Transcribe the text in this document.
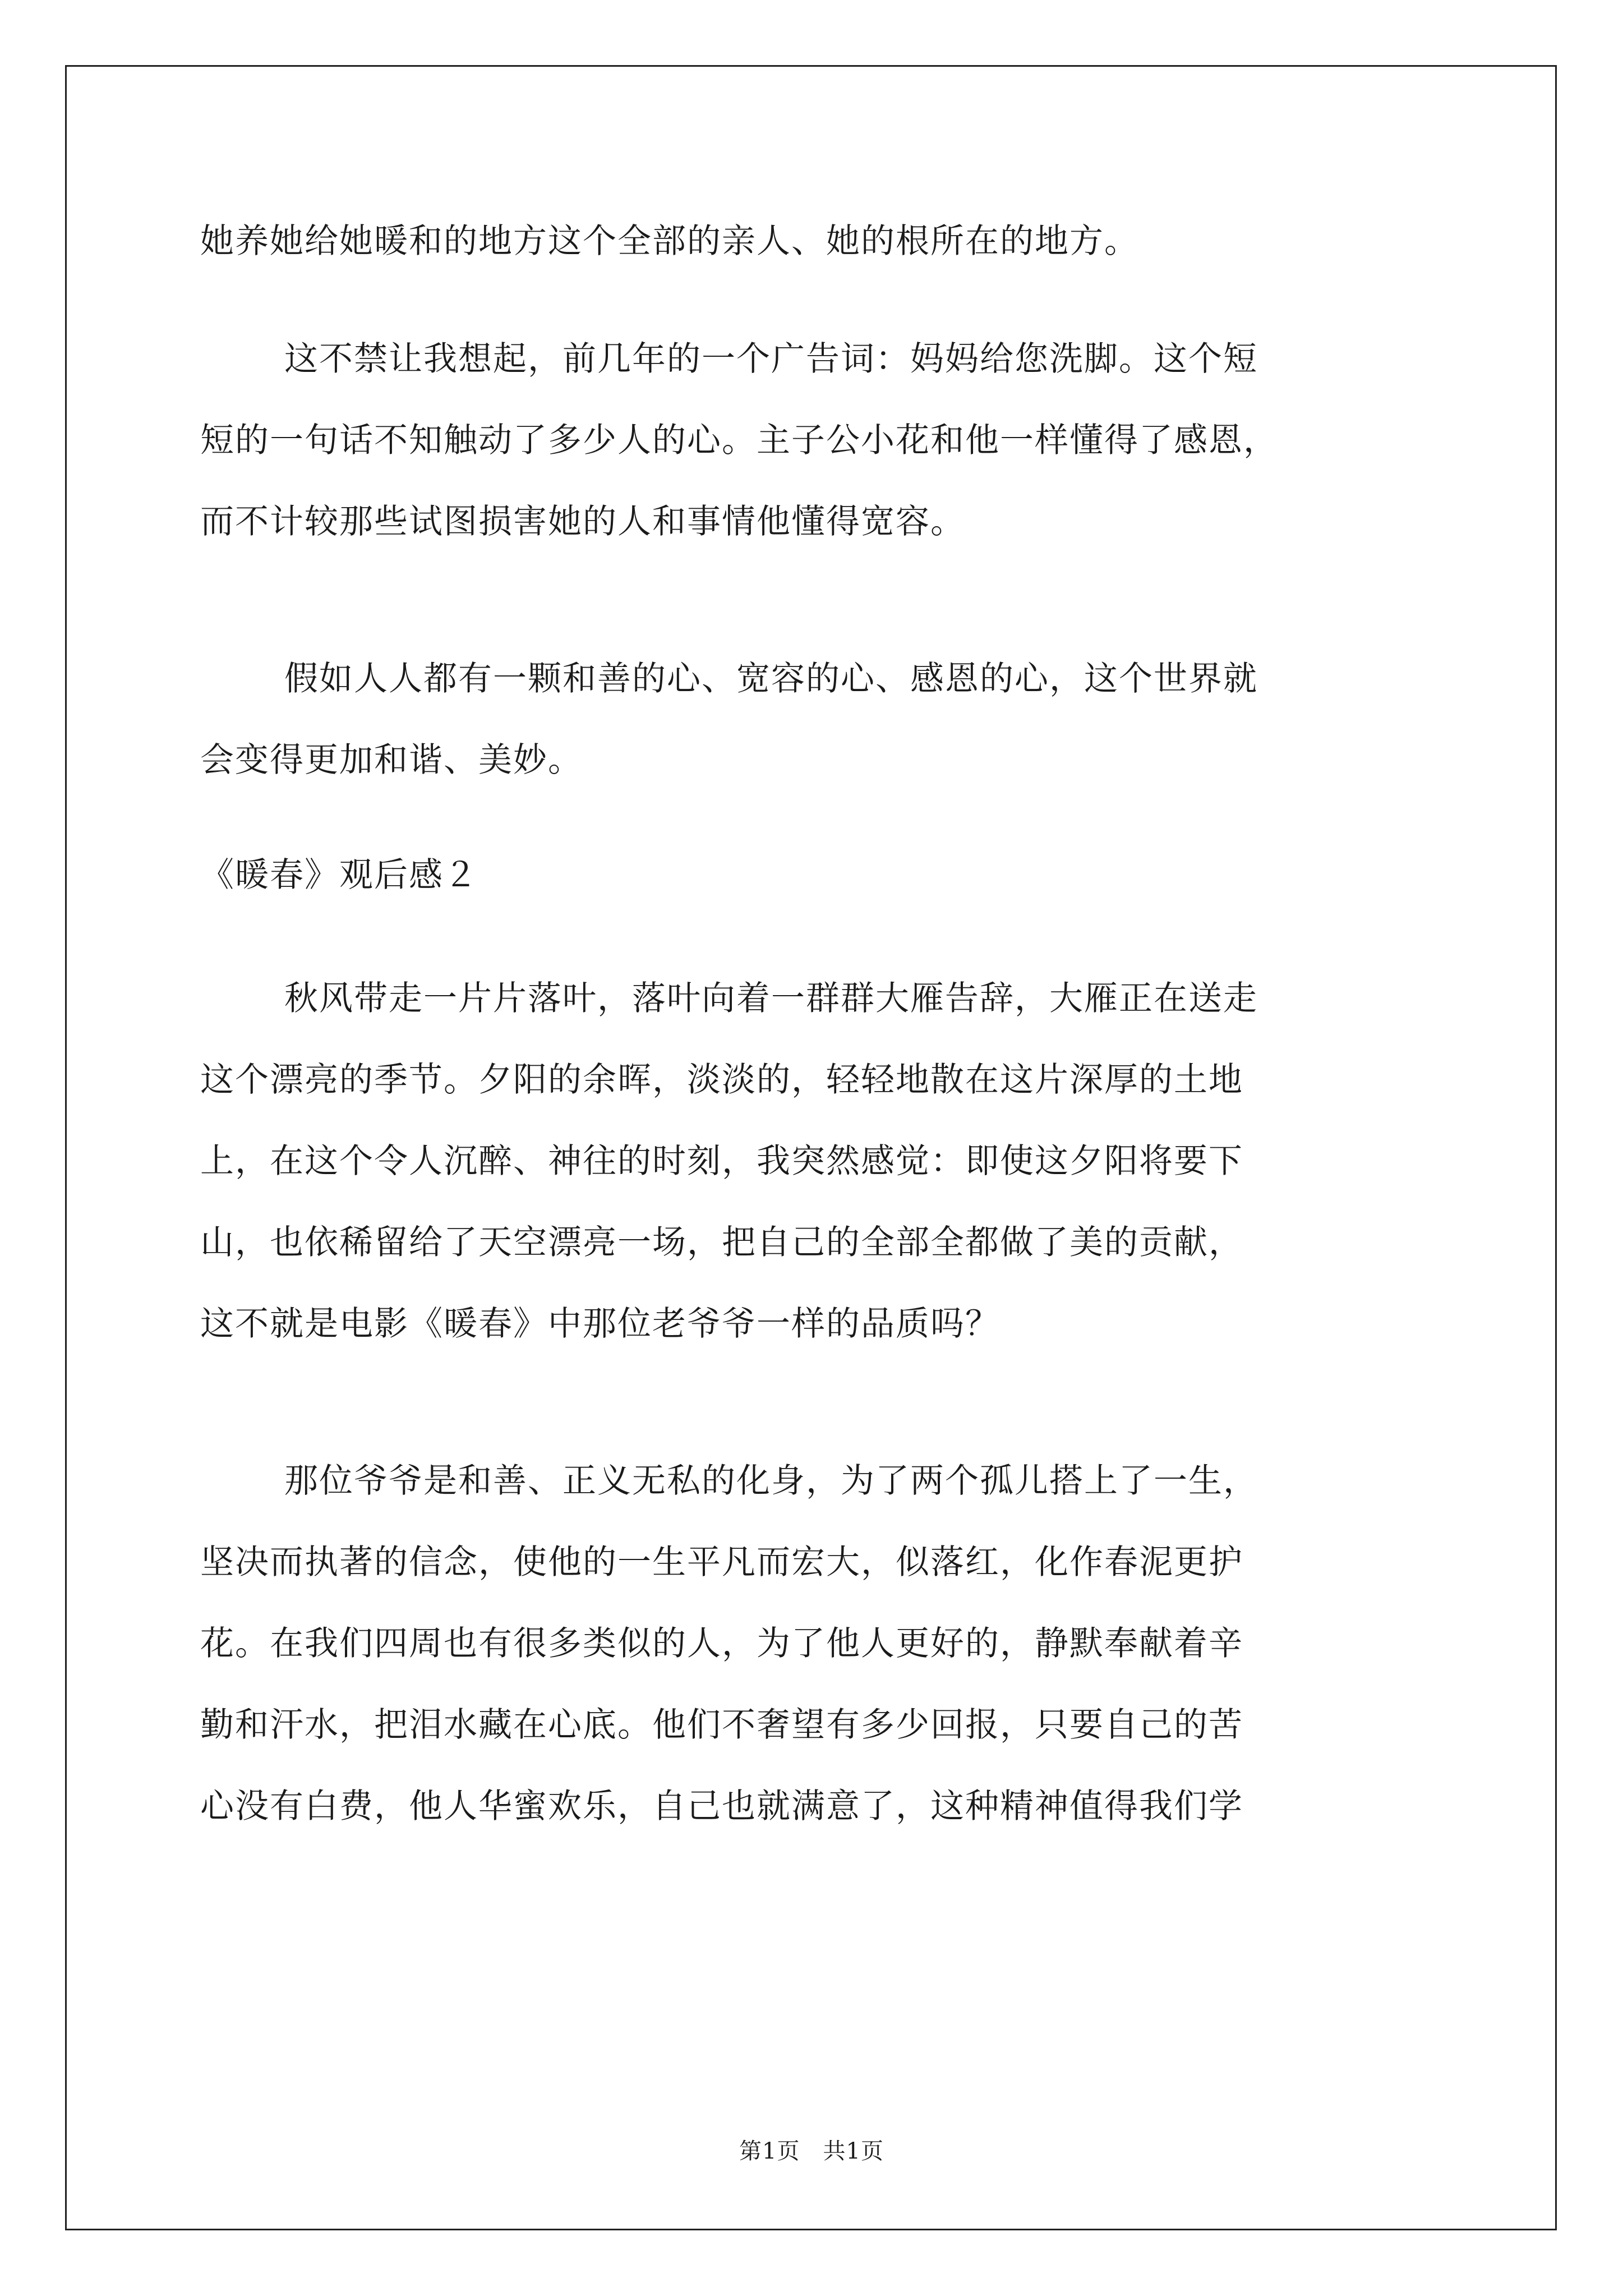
她养她给她暖和的地方这个全部的亲人、她的根所在的地方。
这不禁让我想起，前几年的一个广告词：妈妈给您洗脚。这个短
短的一句话不知触动了多少人的心。主子公小花和他一样懂得了感恩，
而不计较那些试图损害她的人和事情他懂得宽容。
假如人人都有一颗和善的心、宽容的心、感恩的心，这个世界就
会变得更加和谐、美妙。
《暖春》观后感２
秋风带走一片片落叶，落叶向着一群群大雁告辞，大雁正在送走
这个漂亮的季节。夕阳的余晖，淡淡的，轻轻地散在这片深厚的土地
上，在这个令人沉醉、神往的时刻，我突然感觉：即使这夕阳将要下
山，也依稀留给了天空漂亮一场，把自己的全部全都做了美的贡献，
这不就是电影《暖春》中那位老爷爷一样的品质吗？
那位爷爷是和善、正义无私的化身，为了两个孤儿搭上了一生，
坚决而执著的信念，使他的一生平凡而宏大，似落红，化作春泥更护
花。在我们四周也有很多类似的人，为了他人更好的，静默奉献着辛
勤和汗水，把泪水藏在心底。他们不奢望有多少回报，只要自己的苦
心没有白费，他人华蜜欢乐，自己也就满意了，这种精神值得我们学
第1页　共1页
